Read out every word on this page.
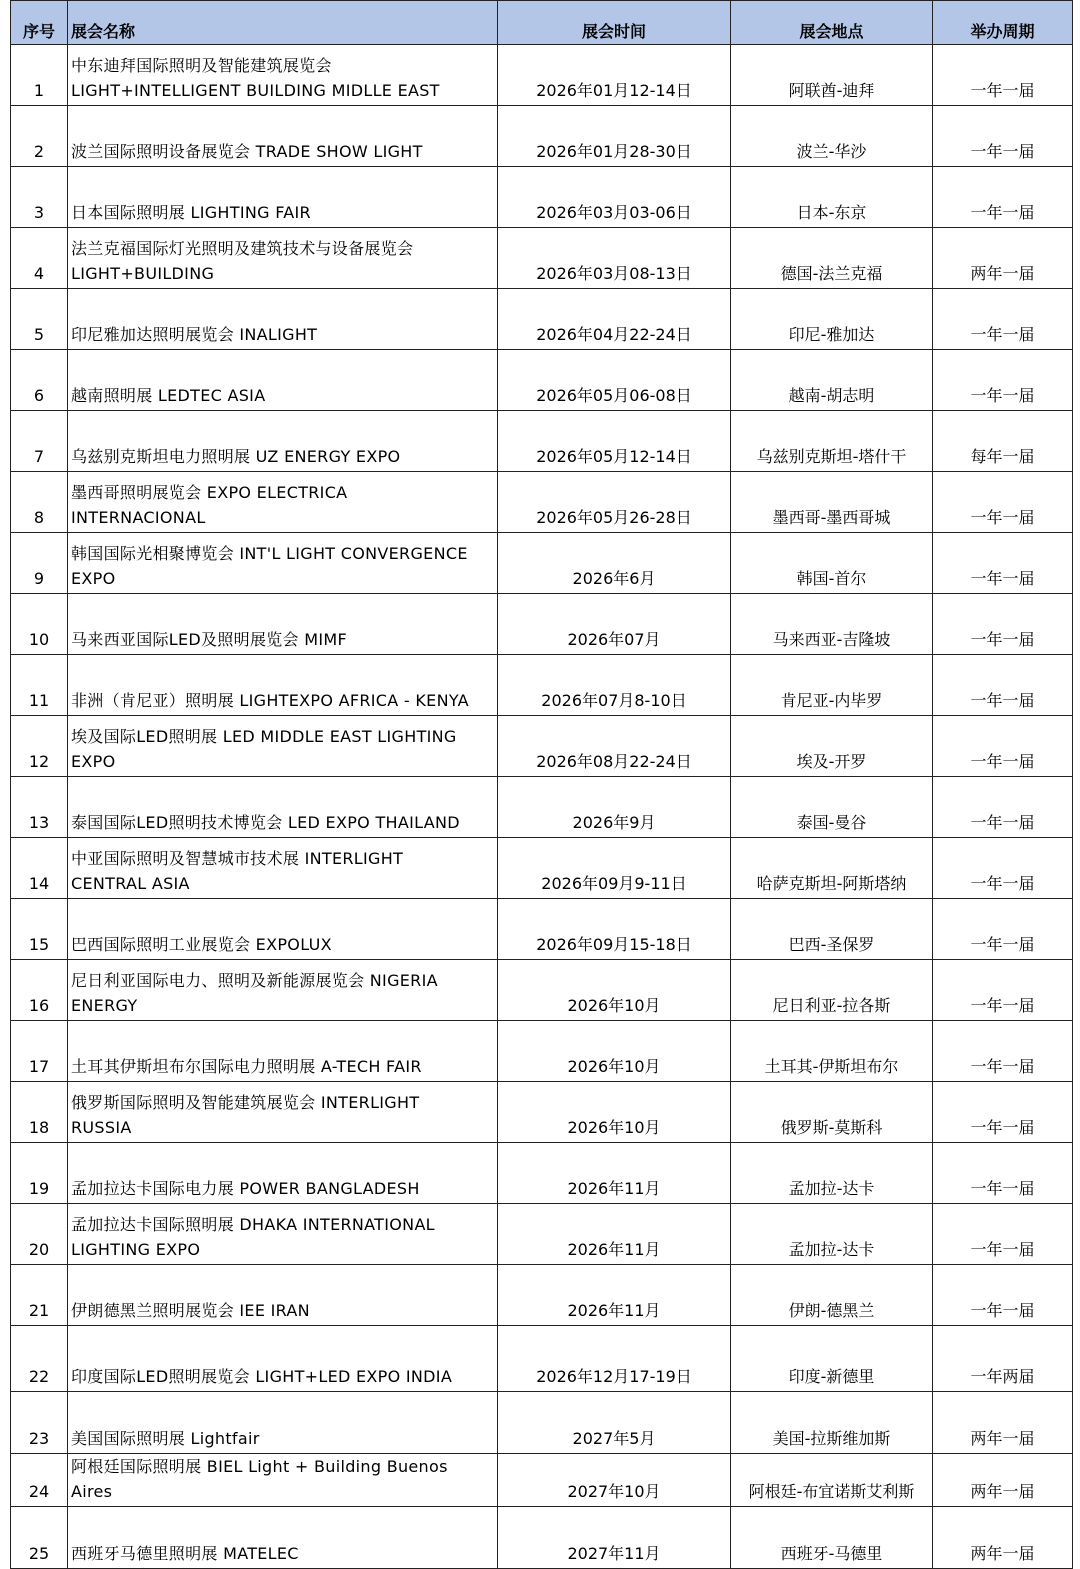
序号	展会名称	展会时间	展会地点	举办周期
1	中东迪拜国际照明及智能建筑展览会
LIGHT+INTELLIGENT BUILDING MIDLLE EAST	2026年01月12-14日	阿联酋-迪拜	一年一届
2	波兰国际照明设备展览会 TRADE SHOW LIGHT	2026年01月28-30日	波兰-华沙	一年一届
3	日本国际照明展 LIGHTING FAIR	2026年03月03-06日	日本-东京	一年一届
4	法兰克福国际灯光照明及建筑技术与设备展览会
LIGHT+BUILDING	2026年03月08-13日	德国-法兰克福	两年一届
5	印尼雅加达照明展览会 INALIGHT	2026年04月22-24日	印尼-雅加达	一年一届
6	越南照明展 LEDTEC ASIA	2026年05月06-08日	越南-胡志明	一年一届
7	乌兹别克斯坦电力照明展 UZ ENERGY EXPO	2026年05月12-14日	乌兹别克斯坦-塔什干	每年一届
8	墨西哥照明展览会 EXPO ELECTRICA
INTERNACIONAL	2026年05月26-28日	墨西哥-墨西哥城	一年一届
9	韩国国际光相聚博览会 INT'L LIGHT CONVERGENCE
EXPO	2026年6月	韩国-首尔	一年一届
10	马来西亚国际LED及照明展览会 MIMF	2026年07月	马来西亚-吉隆坡	一年一届
11	非洲（肯尼亚）照明展 LIGHTEXPO AFRICA - KENYA	2026年07月8-10日	肯尼亚-内毕罗	一年一届
12	埃及国际LED照明展 LED MIDDLE EAST LIGHTING
EXPO	2026年08月22-24日	埃及-开罗	一年一届
13	泰国国际LED照明技术博览会 LED EXPO THAILAND	2026年9月	泰国-曼谷	一年一届
14	中亚国际照明及智慧城市技术展 INTERLIGHT
CENTRAL ASIA	2026年09月9-11日	哈萨克斯坦-阿斯塔纳	一年一届
15	巴西国际照明工业展览会 EXPOLUX	2026年09月15-18日	巴西-圣保罗	一年一届
16	尼日利亚国际电力、照明及新能源展览会 NIGERIA
ENERGY	2026年10月	尼日利亚-拉各斯	一年一届
17	土耳其伊斯坦布尔国际电力照明展 A-TECH FAIR	2026年10月	土耳其-伊斯坦布尔	一年一届
18	俄罗斯国际照明及智能建筑展览会 INTERLIGHT
RUSSIA	2026年10月	俄罗斯-莫斯科	一年一届
19	孟加拉达卡国际电力展 POWER BANGLADESH	2026年11月	孟加拉-达卡	一年一届
20	孟加拉达卡国际照明展 DHAKA INTERNATIONAL
LIGHTING EXPO	2026年11月	孟加拉-达卡	一年一届
21	伊朗德黑兰照明展览会 IEE IRAN	2026年11月	伊朗-德黑兰	一年一届
22	印度国际LED照明展览会 LIGHT+LED EXPO INDIA	2026年12月17-19日	印度-新德里	一年两届
23	美国国际照明展 Lightfair	2027年5月	美国-拉斯维加斯	两年一届
24	阿根廷国际照明展 BIEL Light + Building Buenos
Aires	2027年10月	阿根廷-布宜诺斯艾利斯	两年一届
25	西班牙马德里照明展 MATELEC	2027年11月	西班牙-马德里	两年一届
